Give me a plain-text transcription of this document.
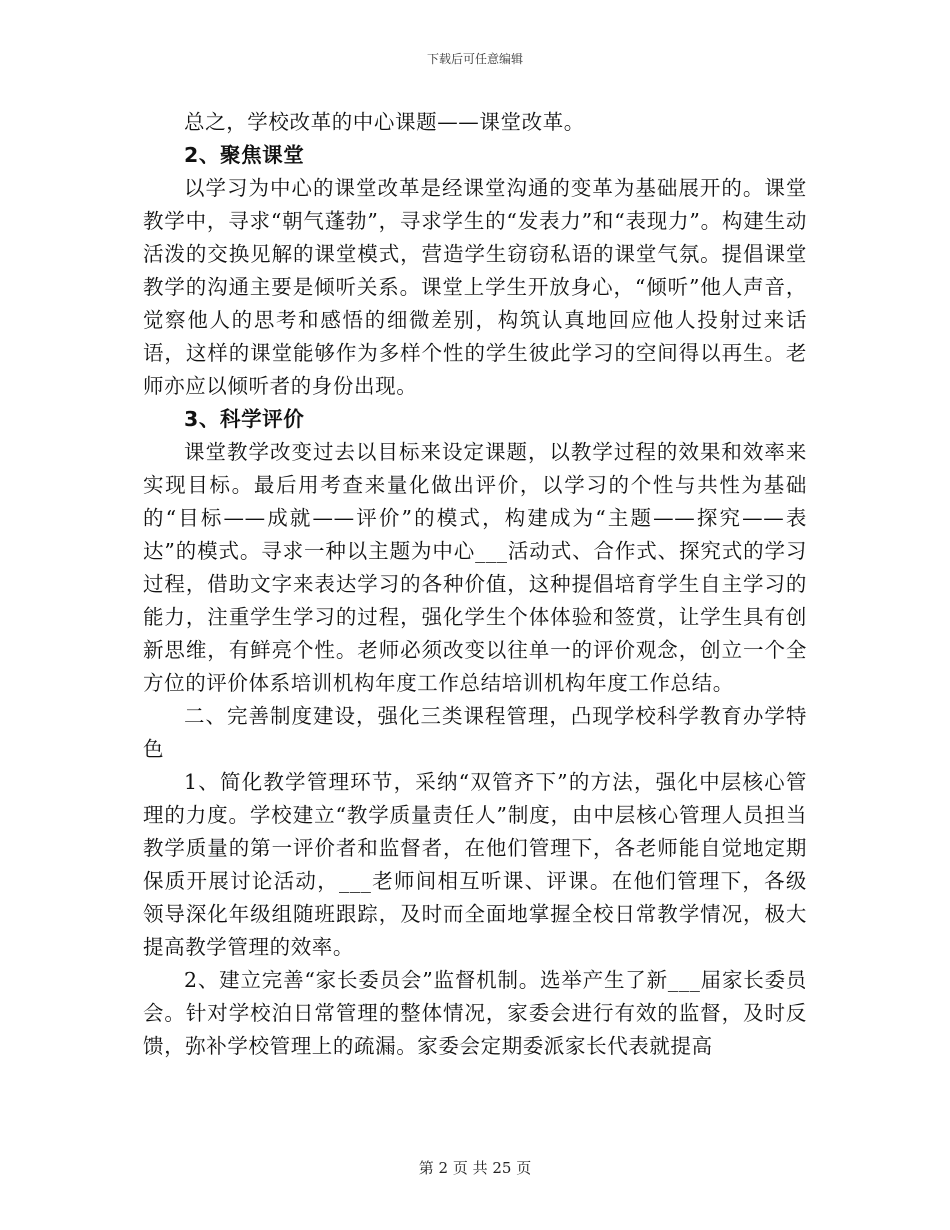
下载后可任意编辑

总之，学校改革的中心课题——课堂改革。

2、聚焦课堂

以学习为中心的课堂改革是经课堂沟通的变革为基础展开的。课堂教学中，寻求“朝气蓬勃”，寻求学生的“发表力”和“表现力”。构建生动活泼的交换见解的课堂模式，营造学生窃窃私语的课堂气氛。提倡课堂教学的沟通主要是倾听关系。课堂上学生开放身心，“倾听”他人声音，觉察他人的思考和感悟的细微差别，构筑认真地回应他人投射过来话语，这样的课堂能够作为多样个性的学生彼此学习的空间得以再生。老师亦应以倾听者的身份出现。

3、科学评价

课堂教学改变过去以目标来设定课题，以教学过程的效果和效率来实现目标。最后用考查来量化做出评价，以学习的个性与共性为基础的“目标——成就——评价”的模式，构建成为“主题——探究——表达”的模式。寻求一种以主题为中心___活动式、合作式、探究式的学习过程，借助文字来表达学习的各种价值，这种提倡培育学生自主学习的能力，注重学生学习的过程，强化学生个体体验和签赏，让学生具有创新思维，有鲜亮个性。老师必须改变以往单一的评价观念，创立一个全方位的评价体系培训机构年度工作总结培训机构年度工作总结。

二、完善制度建设，强化三类课程管理，凸现学校科学教育办学特色

1、简化教学管理环节，采纳“双管齐下”的方法，强化中层核心管理的力度。学校建立“教学质量责任人”制度，由中层核心管理人员担当教学质量的第一评价者和监督者，在他们管理下，各老师能自觉地定期保质开展讨论活动，___老师间相互听课、评课。在他们管理下，各级领导深化年级组随班跟踪，及时而全面地掌握全校日常教学情况，极大提高教学管理的效率。

2、建立完善“家长委员会”监督机制。选举产生了新___届家长委员会。针对学校泊日常管理的整体情况，家委会进行有效的监督，及时反馈，弥补学校管理上的疏漏。家委会定期委派家长代表就提高

第 2 页 共 25 页
